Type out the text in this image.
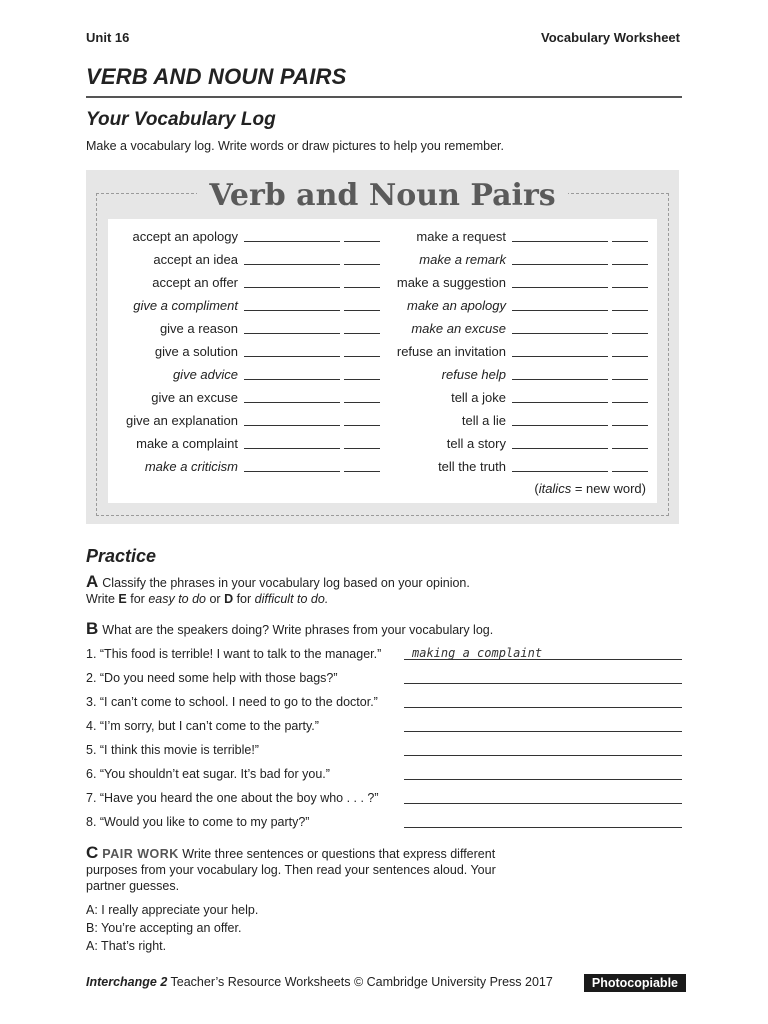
Unit 16	Vocabulary Worksheet
VERB AND NOUN PAIRS
Your Vocabulary Log
Make a vocabulary log. Write words or draw pictures to help you remember.
Verb and Noun Pairs
accept an apology
accept an idea
accept an offer
give a compliment
give a reason
give a solution
give advice
give an excuse
give an explanation
make a complaint
make a criticism
make a request
make a remark
make a suggestion
make an apology
make an excuse
refuse an invitation
refuse help
tell a joke
tell a lie
tell a story
tell the truth
(italics = new word)
Practice
A Classify the phrases in your vocabulary log based on your opinion.
Write E for easy to do or D for difficult to do.
B What are the speakers doing? Write phrases from your vocabulary log.
1. “This food is terrible! I want to talk to the manager.”	making a complaint
2. “Do you need some help with those bags?”
3. “I can’t come to school. I need to go to the doctor.”
4. “I’m sorry, but I can’t come to the party.”
5. “I think this movie is terrible!”
6. “You shouldn’t eat sugar. It’s bad for you.”
7. “Have you heard the one about the boy who . . . ?”
8. “Would you like to come to my party?”
C PAIR WORK Write three sentences or questions that express different
purposes from your vocabulary log. Then read your sentences aloud. Your
partner guesses.
A: I really appreciate your help.
B: You’re accepting an offer.
A: That’s right.
Interchange 2 Teacher’s Resource Worksheets © Cambridge University Press 2017	Photocopiable
